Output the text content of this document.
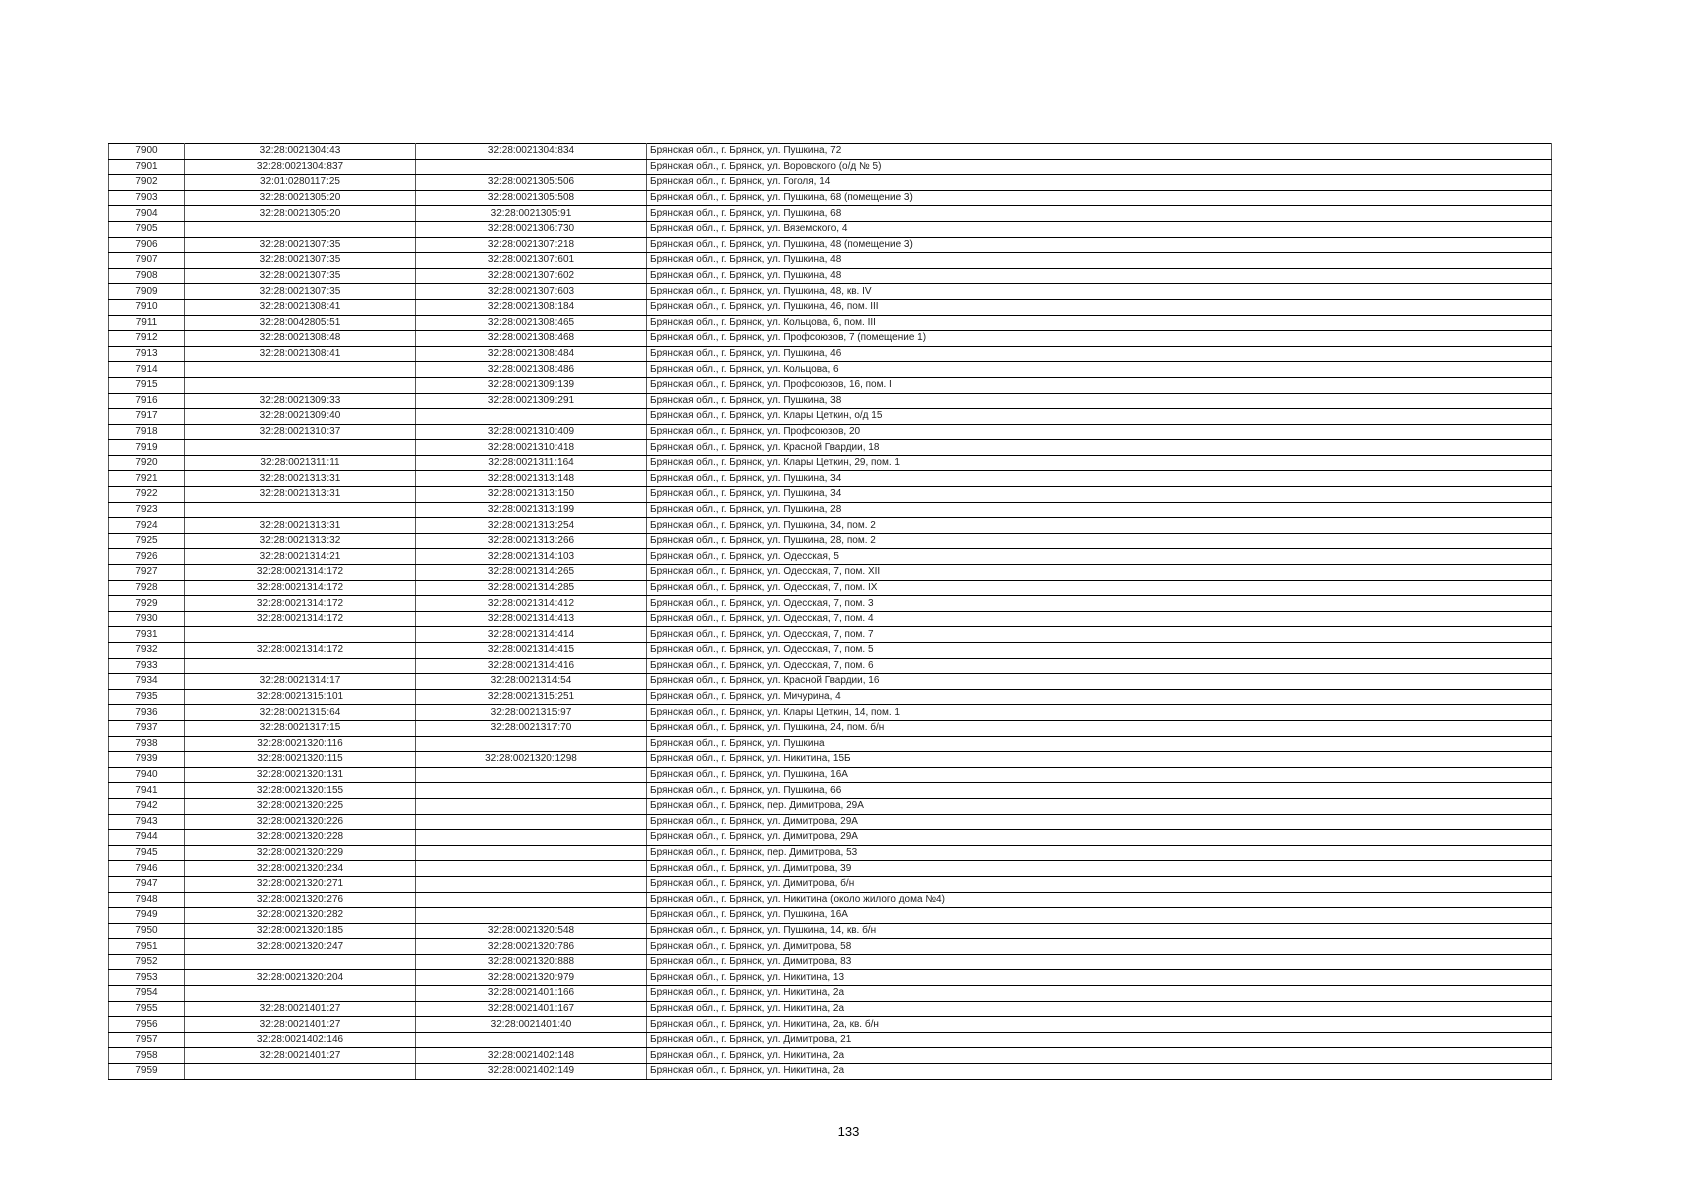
7900	32:28:0021304:43	32:28:0021304:834	Брянская обл., г. Брянск, ул. Пушкина, 72
7901	32:28:0021304:837		Брянская обл., г. Брянск, ул. Воровского (о/д № 5)
7902	32:01:0280117:25	32:28:0021305:506	Брянская обл., г. Брянск, ул. Гоголя, 14
7903	32:28:0021305:20	32:28:0021305:508	Брянская обл., г. Брянск, ул. Пушкина, 68 (помещение 3)
7904	32:28:0021305:20	32:28:0021305:91	Брянская обл., г. Брянск, ул. Пушкина, 68
7905		32:28:0021306:730	Брянская обл., г. Брянск, ул. Вяземского, 4
7906	32:28:0021307:35	32:28:0021307:218	Брянская обл., г. Брянск, ул. Пушкина, 48 (помещение 3)
7907	32:28:0021307:35	32:28:0021307:601	Брянская обл., г. Брянск, ул. Пушкина, 48
7908	32:28:0021307:35	32:28:0021307:602	Брянская обл., г. Брянск, ул. Пушкина, 48
7909	32:28:0021307:35	32:28:0021307:603	Брянская обл., г. Брянск, ул. Пушкина, 48, кв. IV
7910	32:28:0021308:41	32:28:0021308:184	Брянская обл., г. Брянск, ул. Пушкина, 46, пом. III
7911	32:28:0042805:51	32:28:0021308:465	Брянская обл., г. Брянск, ул. Кольцова, 6, пом. III
7912	32:28:0021308:48	32:28:0021308:468	Брянская обл., г. Брянск, ул. Профсоюзов, 7 (помещение 1)
7913	32:28:0021308:41	32:28:0021308:484	Брянская обл., г. Брянск, ул. Пушкина, 46
7914		32:28:0021308:486	Брянская обл., г. Брянск, ул. Кольцова, 6
7915		32:28:0021309:139	Брянская обл., г. Брянск, ул. Профсоюзов, 16, пом. I
7916	32:28:0021309:33	32:28:0021309:291	Брянская обл., г. Брянск, ул. Пушкина, 38
7917	32:28:0021309:40		Брянская обл., г. Брянск, ул. Клары Цеткин, о/д 15
7918	32:28:0021310:37	32:28:0021310:409	Брянская обл., г. Брянск, ул. Профсоюзов, 20
7919		32:28:0021310:418	Брянская обл., г. Брянск, ул. Красной Гвардии, 18
7920	32:28:0021311:11	32:28:0021311:164	Брянская обл., г. Брянск, ул. Клары Цеткин, 29, пом. 1
7921	32:28:0021313:31	32:28:0021313:148	Брянская обл., г. Брянск, ул. Пушкина, 34
7922	32:28:0021313:31	32:28:0021313:150	Брянская обл., г. Брянск, ул. Пушкина, 34
7923		32:28:0021313:199	Брянская обл., г. Брянск, ул. Пушкина, 28
7924	32:28:0021313:31	32:28:0021313:254	Брянская обл., г. Брянск, ул. Пушкина, 34, пом. 2
7925	32:28:0021313:32	32:28:0021313:266	Брянская обл., г. Брянск, ул. Пушкина, 28, пом. 2
7926	32:28:0021314:21	32:28:0021314:103	Брянская обл., г. Брянск, ул. Одесская, 5
7927	32:28:0021314:172	32:28:0021314:265	Брянская обл., г. Брянск, ул. Одесская, 7, пом. XII
7928	32:28:0021314:172	32:28:0021314:285	Брянская обл., г. Брянск, ул. Одесская, 7, пом. IX
7929	32:28:0021314:172	32:28:0021314:412	Брянская обл., г. Брянск, ул. Одесская, 7, пом. 3
7930	32:28:0021314:172	32:28:0021314:413	Брянская обл., г. Брянск, ул. Одесская, 7, пом. 4
7931		32:28:0021314:414	Брянская обл., г. Брянск, ул. Одесская, 7, пом. 7
7932	32:28:0021314:172	32:28:0021314:415	Брянская обл., г. Брянск, ул. Одесская, 7, пом. 5
7933		32:28:0021314:416	Брянская обл., г. Брянск, ул. Одесская, 7, пом. 6
7934	32:28:0021314:17	32:28:0021314:54	Брянская обл., г. Брянск, ул. Красной Гвардии, 16
7935	32:28:0021315:101	32:28:0021315:251	Брянская обл., г. Брянск, ул. Мичурина, 4
7936	32:28:0021315:64	32:28:0021315:97	Брянская обл., г. Брянск, ул. Клары Цеткин, 14, пом. 1
7937	32:28:0021317:15	32:28:0021317:70	Брянская обл., г. Брянск, ул. Пушкина, 24, пом. б/н
7938	32:28:0021320:116		Брянская обл., г. Брянск, ул. Пушкина
7939	32:28:0021320:115	32:28:0021320:1298	Брянская обл., г. Брянск, ул. Никитина, 15Б
7940	32:28:0021320:131		Брянская обл., г. Брянск, ул. Пушкина, 16А
7941	32:28:0021320:155		Брянская обл., г. Брянск, ул. Пушкина, 66
7942	32:28:0021320:225		Брянская обл., г. Брянск, пер. Димитрова, 29А
7943	32:28:0021320:226		Брянская обл., г. Брянск, ул. Димитрова, 29А
7944	32:28:0021320:228		Брянская обл., г. Брянск, ул. Димитрова, 29А
7945	32:28:0021320:229		Брянская обл., г. Брянск, пер. Димитрова, 53
7946	32:28:0021320:234		Брянская обл., г. Брянск, ул. Димитрова, 39
7947	32:28:0021320:271		Брянская обл., г. Брянск, ул. Димитрова, б/н
7948	32:28:0021320:276		Брянская обл., г. Брянск, ул. Никитина (около жилого дома №4)
7949	32:28:0021320:282		Брянская обл., г. Брянск, ул. Пушкина, 16А
7950	32:28:0021320:185	32:28:0021320:548	Брянская обл., г. Брянск, ул. Пушкина, 14, кв. б/н
7951	32:28:0021320:247	32:28:0021320:786	Брянская обл., г. Брянск, ул. Димитрова, 58
7952		32:28:0021320:888	Брянская обл., г. Брянск, ул. Димитрова, 83
7953	32:28:0021320:204	32:28:0021320:979	Брянская обл., г. Брянск, ул. Никитина, 13
7954		32:28:0021401:166	Брянская обл., г. Брянск, ул. Никитина, 2а
7955	32:28:0021401:27	32:28:0021401:167	Брянская обл., г. Брянск, ул. Никитина, 2а
7956	32:28:0021401:27	32:28:0021401:40	Брянская обл., г. Брянск, ул. Никитина, 2а, кв. б/н
7957	32:28:0021402:146		Брянская обл., г. Брянск, ул. Димитрова, 21
7958	32:28:0021401:27	32:28:0021402:148	Брянская обл., г. Брянск, ул. Никитина, 2а
7959		32:28:0021402:149	Брянская обл., г. Брянск, ул. Никитина, 2а
133
